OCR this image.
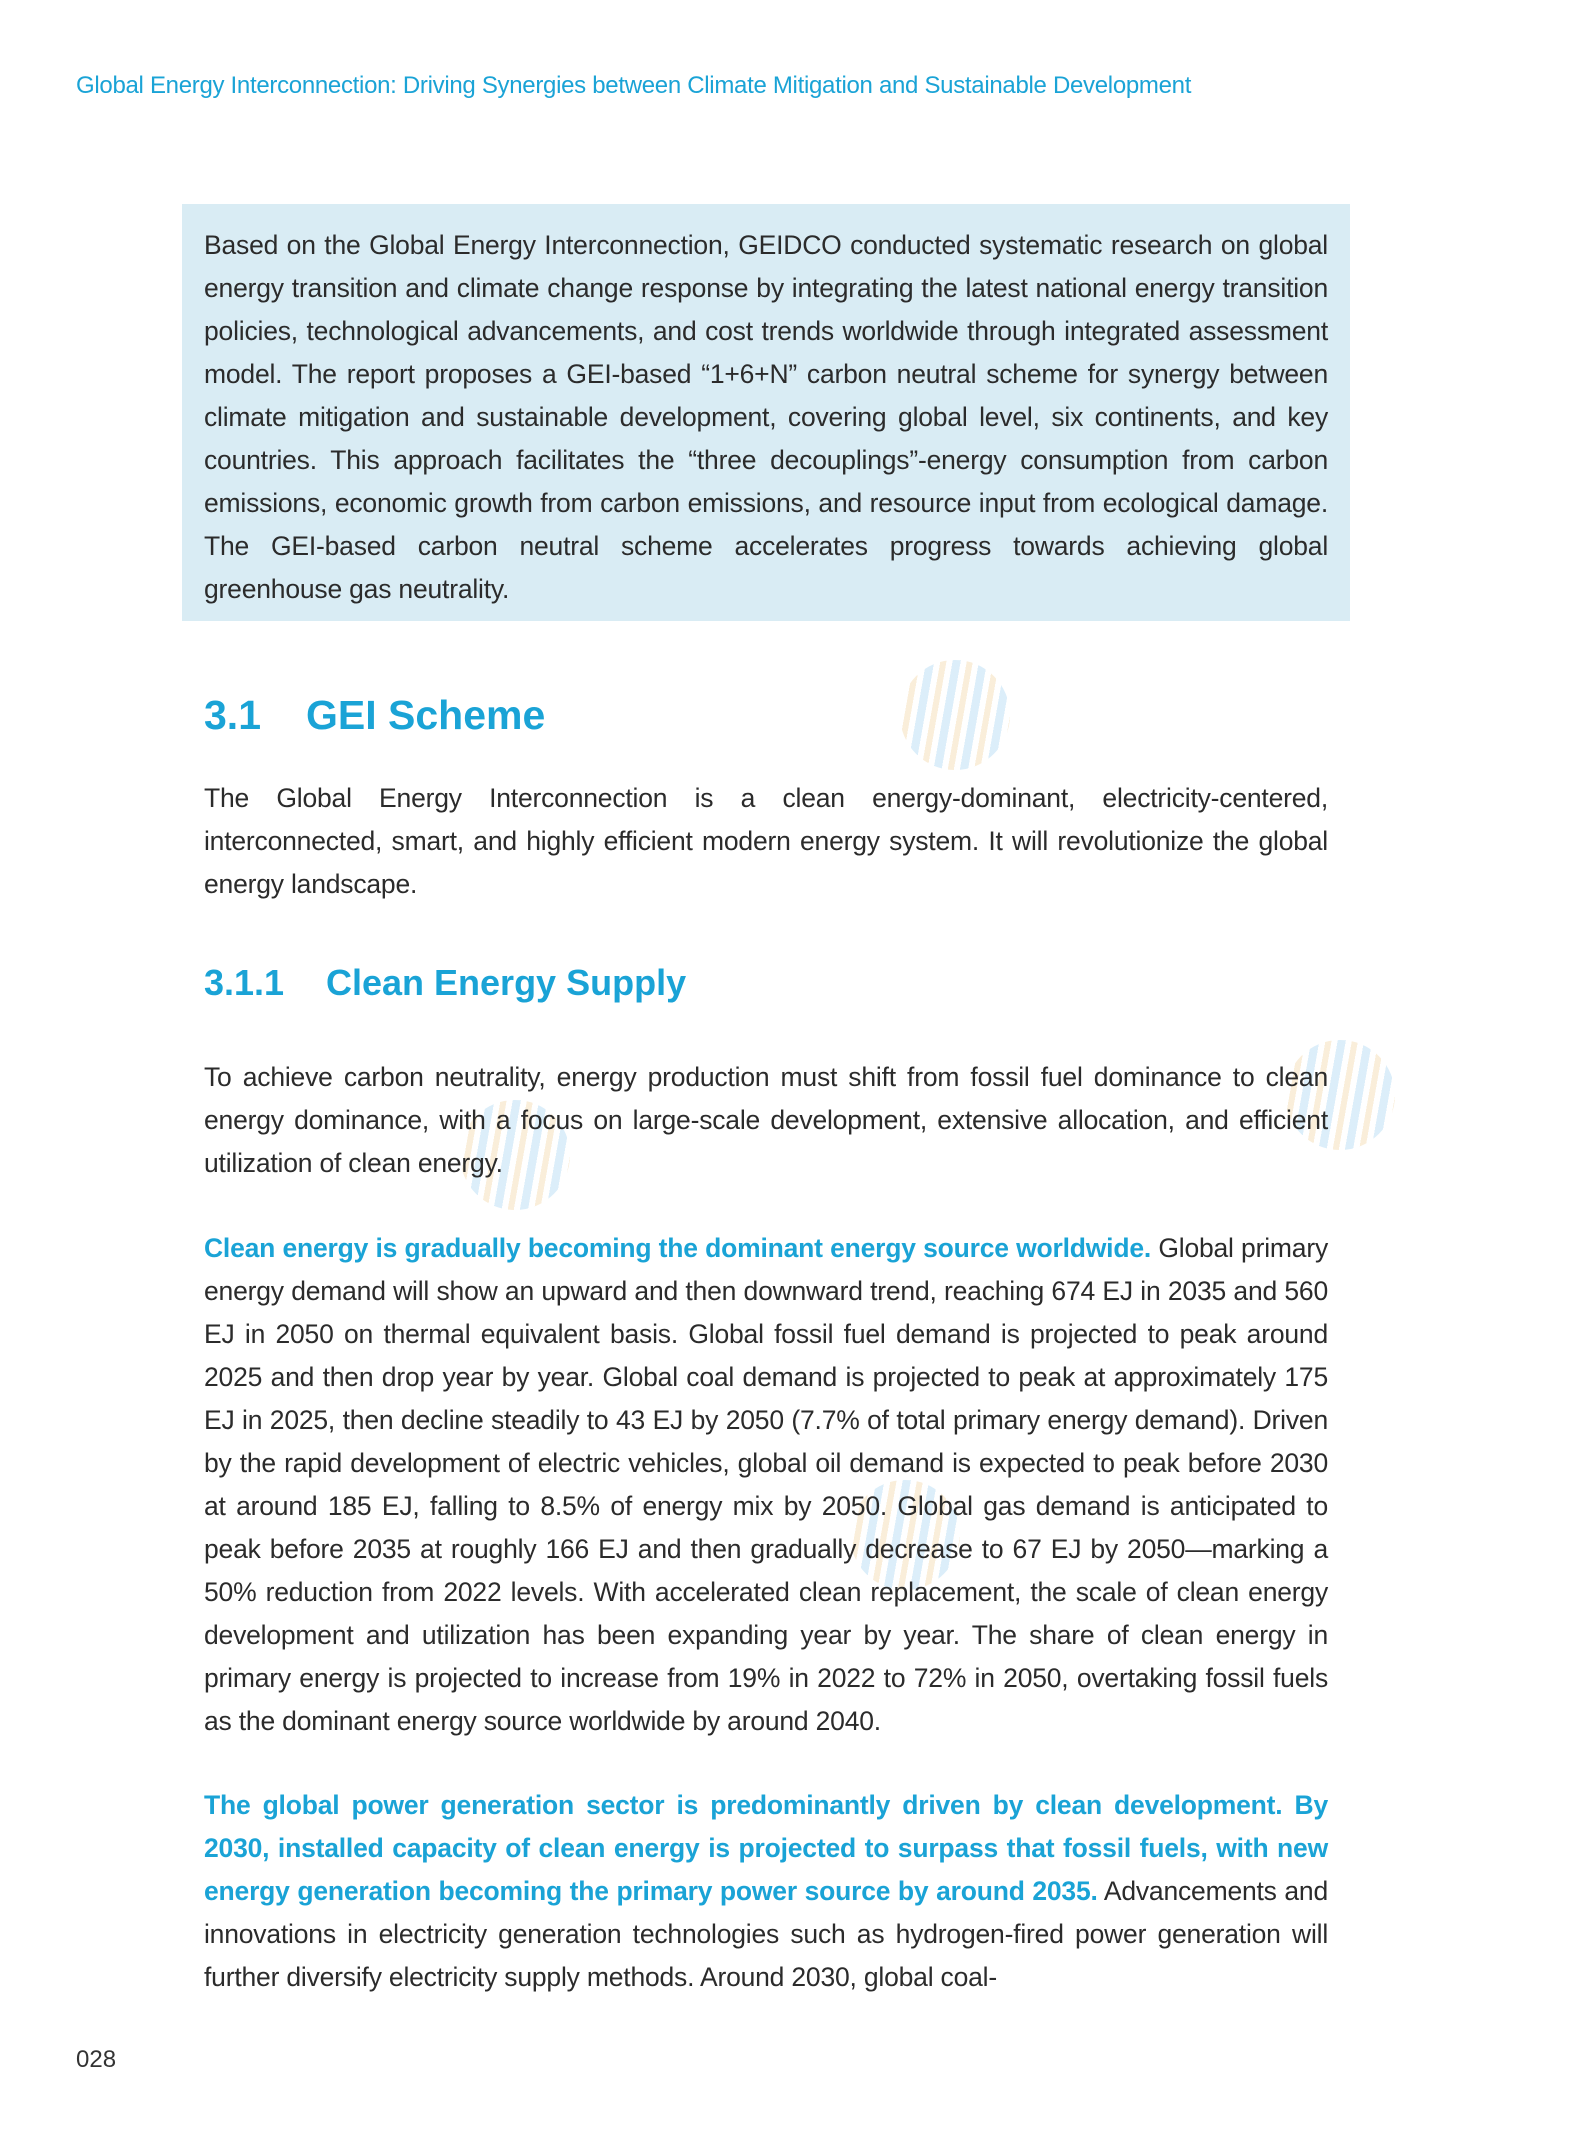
Global Energy Interconnection: Driving Synergies between Climate Mitigation and Sustainable Development

Based on the Global Energy Interconnection, GEIDCO conducted systematic research on global energy transition and climate change response by integrating the latest national energy transition policies, technological advancements, and cost trends worldwide through integrated assessment model. The report proposes a GEI-based “1+6+N” carbon neutral scheme for synergy between climate mitigation and sustainable development, covering global level, six continents, and key countries. This approach facilitates the “three decouplings”-energy consumption from carbon emissions, economic growth from carbon emissions, and resource input from ecological damage. The GEI-based carbon neutral scheme accelerates progress towards achieving global greenhouse gas neutrality.

3.1 GEI Scheme

The Global Energy Interconnection is a clean energy-dominant, electricity-centered, interconnected, smart, and highly efficient modern energy system. It will revolutionize the global energy landscape.

3.1.1 Clean Energy Supply

To achieve carbon neutrality, energy production must shift from fossil fuel dominance to clean energy dominance, with a focus on large-scale development, extensive allocation, and efficient utilization of clean energy.

Clean energy is gradually becoming the dominant energy source worldwide. Global primary energy demand will show an upward and then downward trend, reaching 674 EJ in 2035 and 560 EJ in 2050 on thermal equivalent basis. Global fossil fuel demand is projected to peak around 2025 and then drop year by year. Global coal demand is projected to peak at approximately 175 EJ in 2025, then decline steadily to 43 EJ by 2050 (7.7% of total primary energy demand). Driven by the rapid development of electric vehicles, global oil demand is expected to peak before 2030 at around 185 EJ, falling to 8.5% of energy mix by 2050. Global gas demand is anticipated to peak before 2035 at roughly 166 EJ and then gradually decrease to 67 EJ by 2050—marking a 50% reduction from 2022 levels. With accelerated clean replacement, the scale of clean energy development and utilization has been expanding year by year. The share of clean energy in primary energy is projected to increase from 19% in 2022 to 72% in 2050, overtaking fossil fuels as the dominant energy source worldwide by around 2040.

The global power generation sector is predominantly driven by clean development. By 2030, installed capacity of clean energy is projected to surpass that fossil fuels, with new energy generation becoming the primary power source by around 2035. Advancements and innovations in electricity generation technologies such as hydrogen-fired power generation will further diversify electricity supply methods. Around 2030, global coal-

028
